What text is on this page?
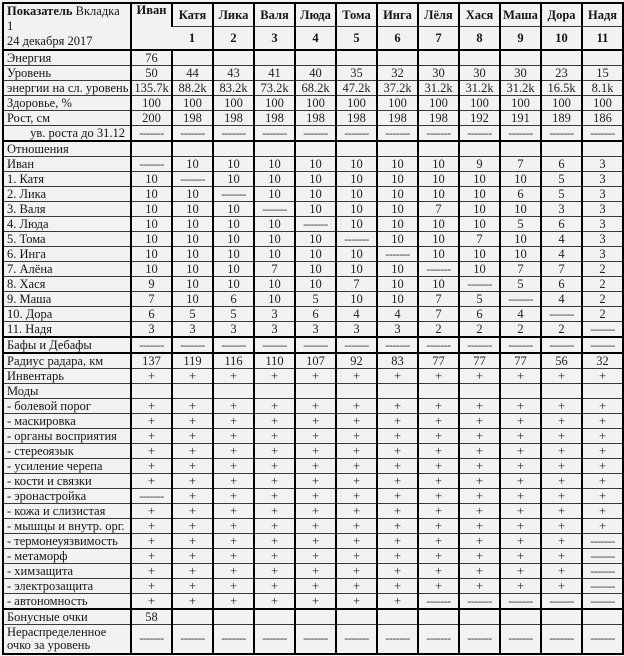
Показатель Вкладка 1
24 декабря 2017	Иван	Катя	Лика	Валя	Люда	Тома	Инга	Лёля	Хася	Маша	Дора	Надя
		1	2	3	4	5	6	7	8	9	10	11
Энергия	76											
Уровень	50	44	43	41	40	35	32	30	30	30	23	15
энергии на сл. уровень	135.7k	88.2k	83.2k	73.2k	68.2k	47.2k	37.2k	31.2k	31.2k	31.2k	16.5k	8.1k
Здоровье, %	100	100	100	100	100	100	100	100	100	100	100	100
Рост, см	200	198	198	198	198	198	198	198	192	191	189	186
ув. роста до 31.12	-------	-------	-------	-------	-------	-------	-------	-------	-------	-------	-------	-------
Отношения												
Иван	-------	10	10	10	10	10	10	10	9	7	6	3
1. Катя	10	-------	10	10	10	10	10	10	10	10	5	3
2. Лика	10	10	-------	10	10	10	10	10	10	6	5	3
3. Валя	10	10	10	-------	10	10	10	7	10	10	3	3
4. Люда	10	10	10	10	-------	10	10	10	10	5	6	3
5. Тома	10	10	10	10	10	-------	10	10	7	10	4	3
6. Инга	10	10	10	10	10	10	-------	10	10	10	4	3
7. Алёна	10	10	10	7	10	10	10	-------	10	7	7	2
8. Хася	9	10	10	10	10	7	10	10	-------	5	6	2
9. Маша	7	10	6	10	5	10	10	7	5	-------	4	2
10. Дора	6	5	5	3	6	4	4	7	6	4	-------	2
11. Надя	3	3	3	3	3	3	3	2	2	2	2	-------
Бафы и Дебафы	-------	-------	-------	-------	-------	-------	-------	-------	-------	-------	-------	-------
Радиус радара, км	137	119	116	110	107	92	83	77	77	77	56	32
Инвентарь	+	+	+	+	+	+	+	+	+	+	+	+
Моды												
- болевой порог	+	+	+	+	+	+	+	+	+	+	+	+
- маскировка	+	+	+	+	+	+	+	+	+	+	+	+
- органы восприятия	+	+	+	+	+	+	+	+	+	+	+	+
- стереоязык	+	+	+	+	+	+	+	+	+	+	+	+
- усиление черепа	+	+	+	+	+	+	+	+	+	+	+	+
- кости и связки	+	+	+	+	+	+	+	+	+	+	+	+
- эронастройка	-------	+	+	+	+	+	+	+	+	+	+	+
- кожа и слизистая	+	+	+	+	+	+	+	+	+	+	+	+
- мышцы и внутр. орг.	+	+	+	+	+	+	+	+	+	+	+	+
- термонеуязвимость	+	+	+	+	+	+	+	+	+	+	+	-------
- метаморф	+	+	+	+	+	+	+	+	+	+	+	-------
- химзащита	+	+	+	+	+	+	+	+	+	+	+	-------
- электрозащита	+	+	+	+	+	+	+	+	+	+	+	-------
- автономность	+	+	+	+	+	+	+	-------	-------	-------	-------	-------
Бонусные очки	58											
Нераспределенное очко за уровень	-------	-------	-------	-------	-------	-------	-------	-------	-------	-------	-------	-------
